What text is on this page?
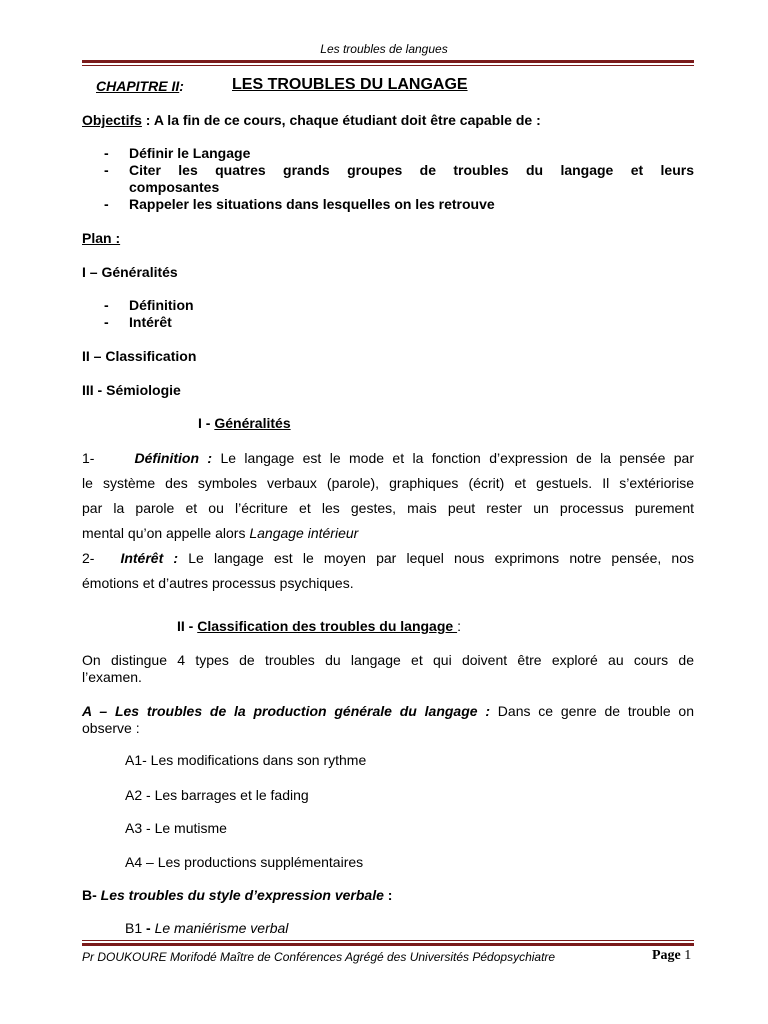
Les troubles de langues
CHAPITRE II:	LES TROUBLES DU LANGAGE
Objectifs : A la fin de ce cours, chaque étudiant doit être capable de :
- Définir le Langage
- Citer les quatres grands groupes de troubles du langage et leurs
composantes
- Rappeler les situations dans lesquelles on les retrouve
Plan :
I – Généralités
- Définition
- Intérêt
II – Classification
III - Sémiologie
I - Généralités
1-	Définition : Le langage est le mode et la fonction d’expression de la pensée par
le système des symboles verbaux (parole), graphiques (écrit) et gestuels. Il s’extériorise
par la parole et ou l’écriture et les gestes, mais peut rester un processus purement
mental qu’on appelle alors Langage intérieur
2- Intérêt : Le langage est le moyen par lequel nous exprimons notre pensée, nos
émotions et d’autres processus psychiques.
II - Classification des troubles du langage :
On distingue 4 types de troubles du langage et qui doivent être exploré au cours de
l’examen.
A – Les troubles de la production générale du langage : Dans ce genre de trouble on
observe :
A1- Les modifications dans son rythme
A2 - Les barrages et le fading
A3 - Le mutisme
A4 – Les productions supplémentaires
B- Les troubles du style d’expression verbale :
B1 - Le maniérisme verbal
Pr DOUKOURE Morifodé Maître de Conférences Agrégé des Universités Pédopsychiatre	Page 1
